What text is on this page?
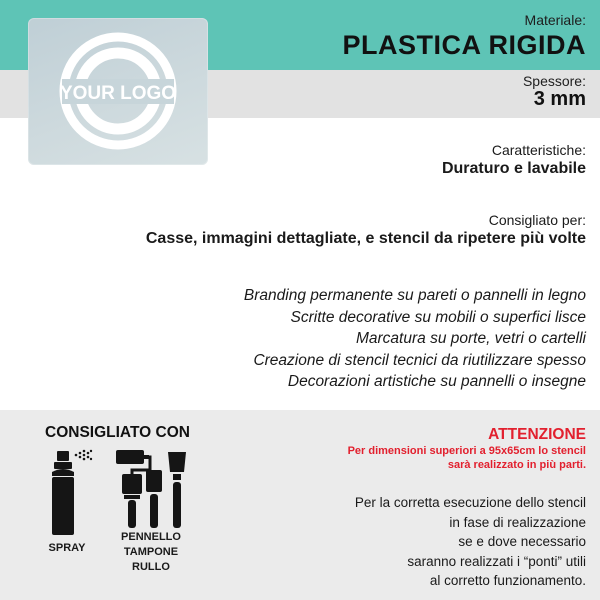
YOUR LOGO
Materiale:
PLASTICA RIGIDA
Spessore:
3 mm
Caratteristiche:
Duraturo e lavabile
Consigliato per:
Casse, immagini dettagliate, e stencil da ripetere più volte
Branding permanente su pareti o pannelli in legno
Scritte decorative su mobili o superfici lisce
Marcatura su porte, vetri o cartelli
Creazione di stencil tecnici da riutilizzare spesso
Decorazioni artistiche su pannelli o insegne
CONSIGLIATO CON
SPRAY
PENNELLO
TAMPONE
RULLO
ATTENZIONE
Per dimensioni superiori a 95x65cm lo stencil
sarà realizzato in più parti.
Per la corretta esecuzione dello stencil
in fase di realizzazione
se e dove necessario
saranno realizzati i “ponti” utili
al corretto funzionamento.
